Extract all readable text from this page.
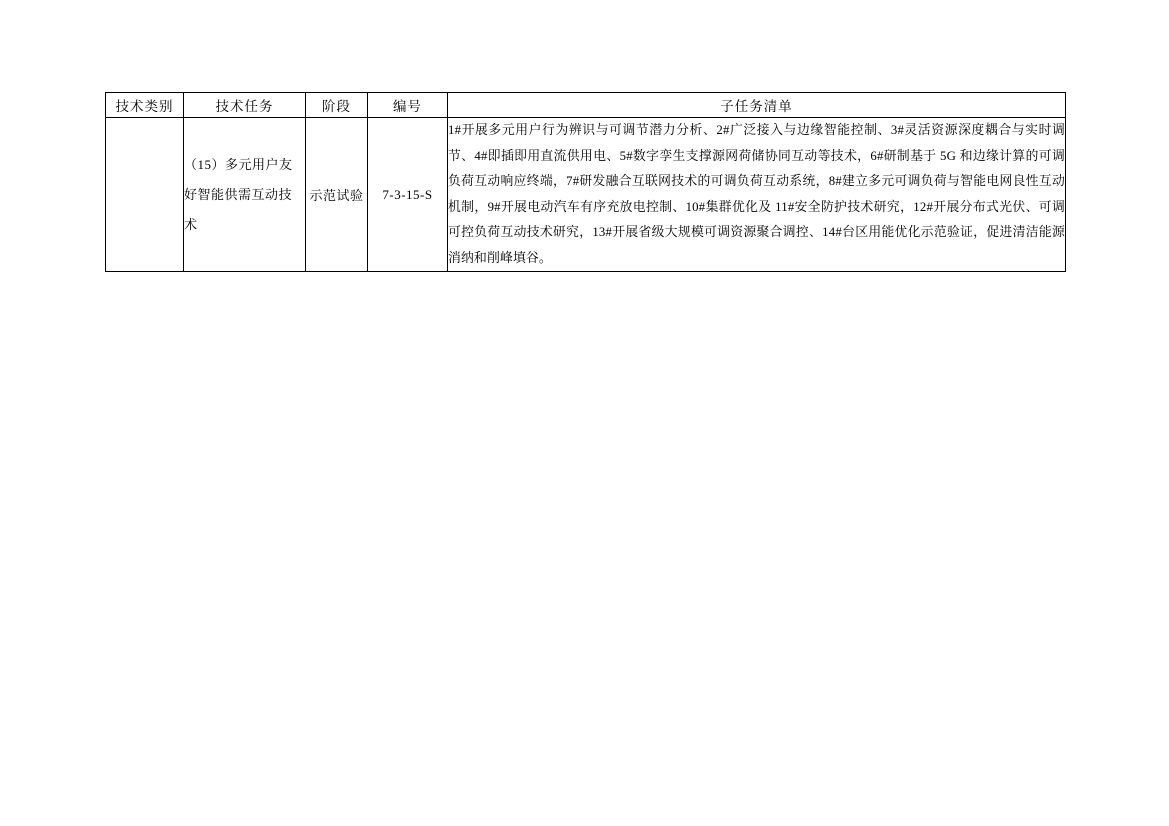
技术类别	技术任务	阶段	编号	子任务清单
	（15）多元用户友好智能供需互动技术	示范试验	7-3-15-S	1#开展多元用户行为辨识与可调节潜力分析、2#广泛接入与边缘智能控制、3#灵活资源深度耦合与实时调节、4#即插即用直流供用电、5#数字孪生支撑源网荷储协同互动等技术，6#研制基于 5G 和边缘计算的可调负荷互动响应终端，7#研发融合互联网技术的可调负荷互动系统，8#建立多元可调负荷与智能电网良性互动机制，9#开展电动汽车有序充放电控制、10#集群优化及 11#安全防护技术研究，12#开展分布式光伏、可调可控负荷互动技术研究，13#开展省级大规模可调资源聚合调控、14#台区用能优化示范验证，促进清洁能源消纳和削峰填谷。
